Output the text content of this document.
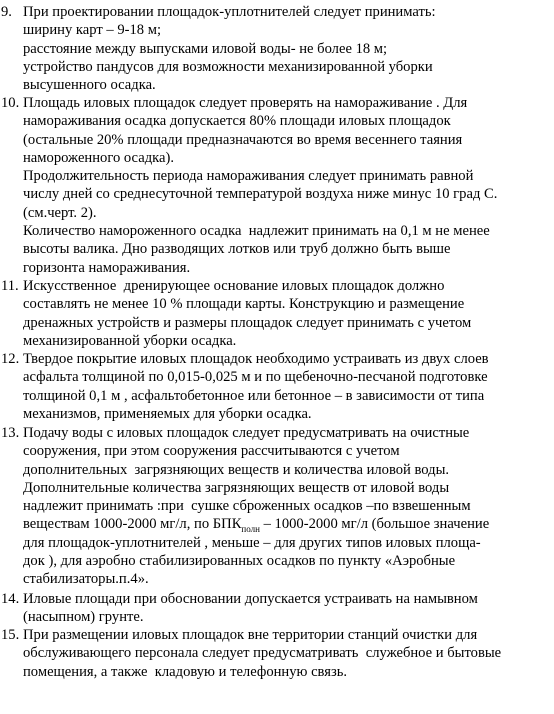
9. При проектировании площадок-уплотнителей следует принимать:
ширину карт – 9-18 м;
расстояние между выпусками иловой воды- не более 18 м;
устройство пандусов для возможности механизированной уборки
высушенного осадка.
10. Площадь иловых площадок следует проверять на намораживание . Для
намораживания осадка допускается 80% площади иловых площадок
(остальные 20% площади предназначаются во время весеннего таяния
намороженного осадка).
Продолжительность периода намораживания следует принимать равной
числу дней со среднесуточной температурой воздуха ниже минус 10 град С.
(см.черт. 2).
Количество намороженного осадка  надлежит принимать на 0,1 м не менее
высоты валика. Дно разводящих лотков или труб должно быть выше
горизонта намораживания.
11. Искусственное  дренирующее основание иловых площадок должно
составлять не менее 10 % площади карты. Конструкцию и размещение
дренажных устройств и размеры площадок следует принимать с учетом
механизированной уборки осадка.
12. Твердое покрытие иловых площадок необходимо устраивать из двух слоев
асфальта толщиной по 0,015-0,025 м и по щебеночно-песчаной подготовке
толщиной 0,1 м , асфальтобетонное или бетонное – в зависимости от типа
механизмов, применяемых для уборки осадка.
13. Подачу воды с иловых площадок следует предусматривать на очистные
сооружения, при этом сооружения рассчитываются с учетом
дополнительных  загрязняющих веществ и количества иловой воды.
Дополнительные количества загрязняющих веществ от иловой воды
надлежит принимать :при  сушке сброженных осадков –по взвешенным
веществам 1000-2000 мг/л, по $БПК_{полн} - 1000-2000$ мг/л (большое значение
для площадок-уплотнителей , меньше – для других типов иловых площа-
док ), для аэробно стабилизированных осадков по пункту «Аэробные
стабилизаторы.п.4».
14. Иловые площади при обосновании допускается устраивать на намывном
(насыпном) грунте.
15. При размещении иловых площадок вне территории станций очистки для
обслуживающего персонала следует предусматривать  служебное и бытовые
помещения, а также  кладовую и телефонную связь.
